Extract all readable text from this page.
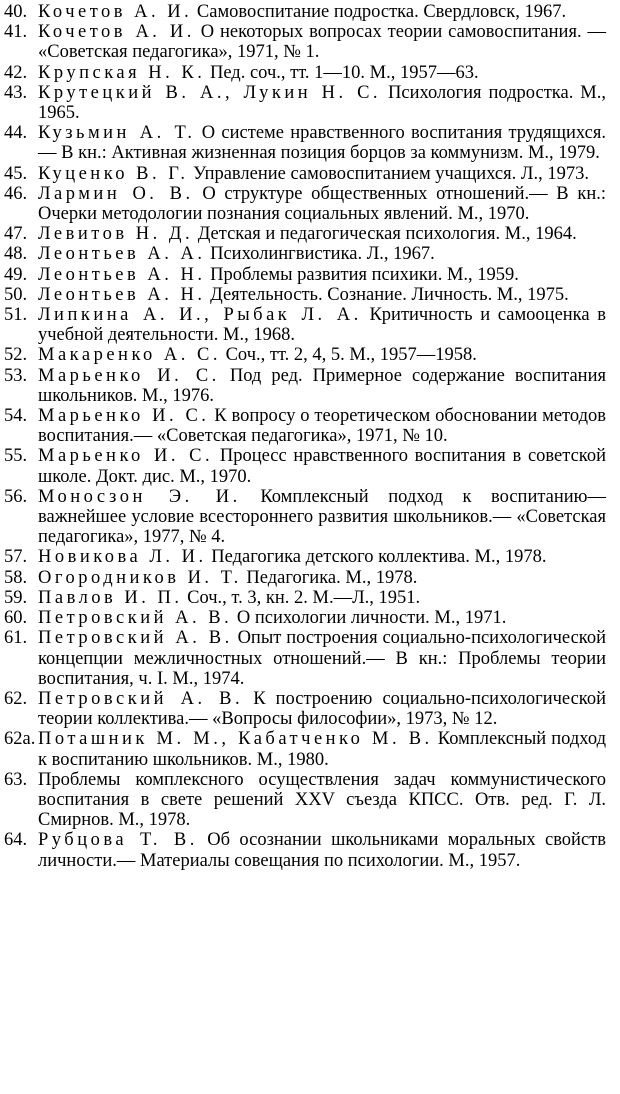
40. Кочетов А. И. Самовоспитание подростка. Свердловск, 1967.
41. Кочетов А. И. О некоторых вопросах теории самовоспитания. — «Советская педагогика», 1971, № 1.
42. Крупская Н. К. Пед. соч., тт. 1—10. М., 1957—63.
43. Крутецкий В. А., Лукин Н. С. Психология подростка. М., 1965.
44. Кузьмин А. Т. О системе нравственного воспитания трудящихся.— В кн.: Активная жизненная позиция борцов за коммунизм. М., 1979.
45. Куценко В. Г. Управление самовоспитанием учащихся. Л., 1973.
46. Лармин О. В. О структуре общественных отношений.— В кн.: Очерки методологии познания социальных явлений. М., 1970.
47. Левитов Н. Д. Детская и педагогическая психология. М., 1964.
48. Леонтьев А. А. Психолингвистика. Л., 1967.
49. Леонтьев А. Н. Проблемы развития психики. М., 1959.
50. Леонтьев А. Н. Деятельность. Сознание. Личность. М., 1975.
51. Липкина А. И., Рыбак Л. А. Критичность и самооценка в учебной деятельности. М., 1968.
52. Макаренко А. С. Соч., тт. 2, 4, 5. М., 1957—1958.
53. Марьенко И. С. Под ред. Примерное содержание воспитания школьников. М., 1976.
54. Марьенко И. С. К вопросу о теоретическом обосновании методов воспитания.— «Советская педагогика», 1971, № 10.
55. Марьенко И. С. Процесс нравственного воспитания в советской школе. Докт. дис. М., 1970.
56. Моносзон Э. И. Комплексный подход к воспитанию— важнейшее условие всестороннего развития школьников.— «Советская педагогика», 1977, № 4.
57. Новикова Л. И. Педагогика детского коллектива. М., 1978.
58. Огородников И. Т. Педагогика. М., 1978.
59. Павлов И. П. Соч., т. 3, кн. 2. М.—Л., 1951.
60. Петровский А. В. О психологии личности. М., 1971.
61. Петровский А. В. Опыт построения социально-психологической концепции межличностных отношений.— В кн.: Проблемы теории воспитания, ч. I. М., 1974.
62. Петровский А. В. К построению социально-психологической теории коллектива.— «Вопросы философии», 1973, № 12.
62а. Поташник М. М., Кабатченко М. В. Комплексный подход к воспитанию школьников. М., 1980.
63. Проблемы комплексного осуществления задач коммунистического воспитания в свете решений XXV съезда КПСС. Отв. ред. Г. Л. Смирнов. М., 1978.
64. Рубцова Т. В. Об осознании школьниками моральных свойств личности.— Материалы совещания по психологии. М., 1957.
